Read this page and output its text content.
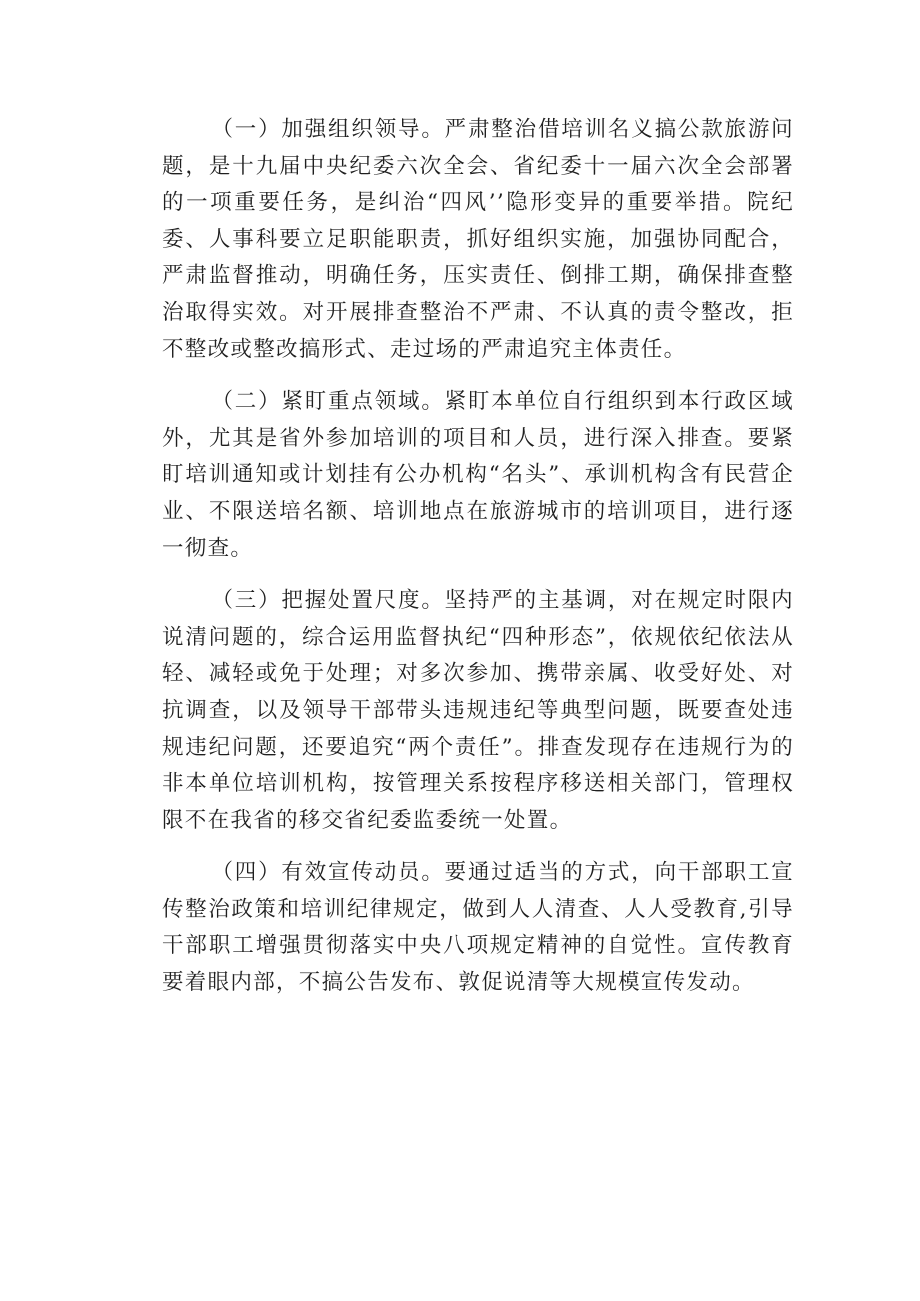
（一）加强组织领导。严肃整治借培训名义搞公款旅游问题，是十九届中央纪委六次全会、省纪委十一届六次全会部署的一项重要任务，是纠治“四风’’隐形变异的重要举措。院纪委、人事科要立足职能职责，抓好组织实施，加强协同配合，严肃监督推动，明确任务，压实责任、倒排工期，确保排查整治取得实效。对开展排查整治不严肃、不认真的责令整改，拒不整改或整改搞形式、走过场的严肃追究主体责任。

（二）紧盯重点领域。紧盯本单位自行组织到本行政区域外，尤其是省外参加培训的项目和人员，进行深入排查。要紧盯培训通知或计划挂有公办机构“名头”、承训机构含有民营企业、不限送培名额、培训地点在旅游城市的培训项目，进行逐一彻查。

（三）把握处置尺度。坚持严的主基调，对在规定时限内说清问题的，综合运用监督执纪“四种形态”，依规依纪依法从轻、减轻或免于处理；对多次参加、携带亲属、收受好处、对抗调查，以及领导干部带头违规违纪等典型问题，既要查处违规违纪问题，还要追究“两个责任”。排查发现存在违规行为的非本单位培训机构，按管理关系按程序移送相关部门，管理权限不在我省的移交省纪委监委统一处置。

（四）有效宣传动员。要通过适当的方式，向干部职工宣传整治政策和培训纪律规定，做到人人清查、人人受教育,引导干部职工增强贯彻落实中央八项规定精神的自觉性。宣传教育要着眼内部，不搞公告发布、敦促说清等大规模宣传发动。
